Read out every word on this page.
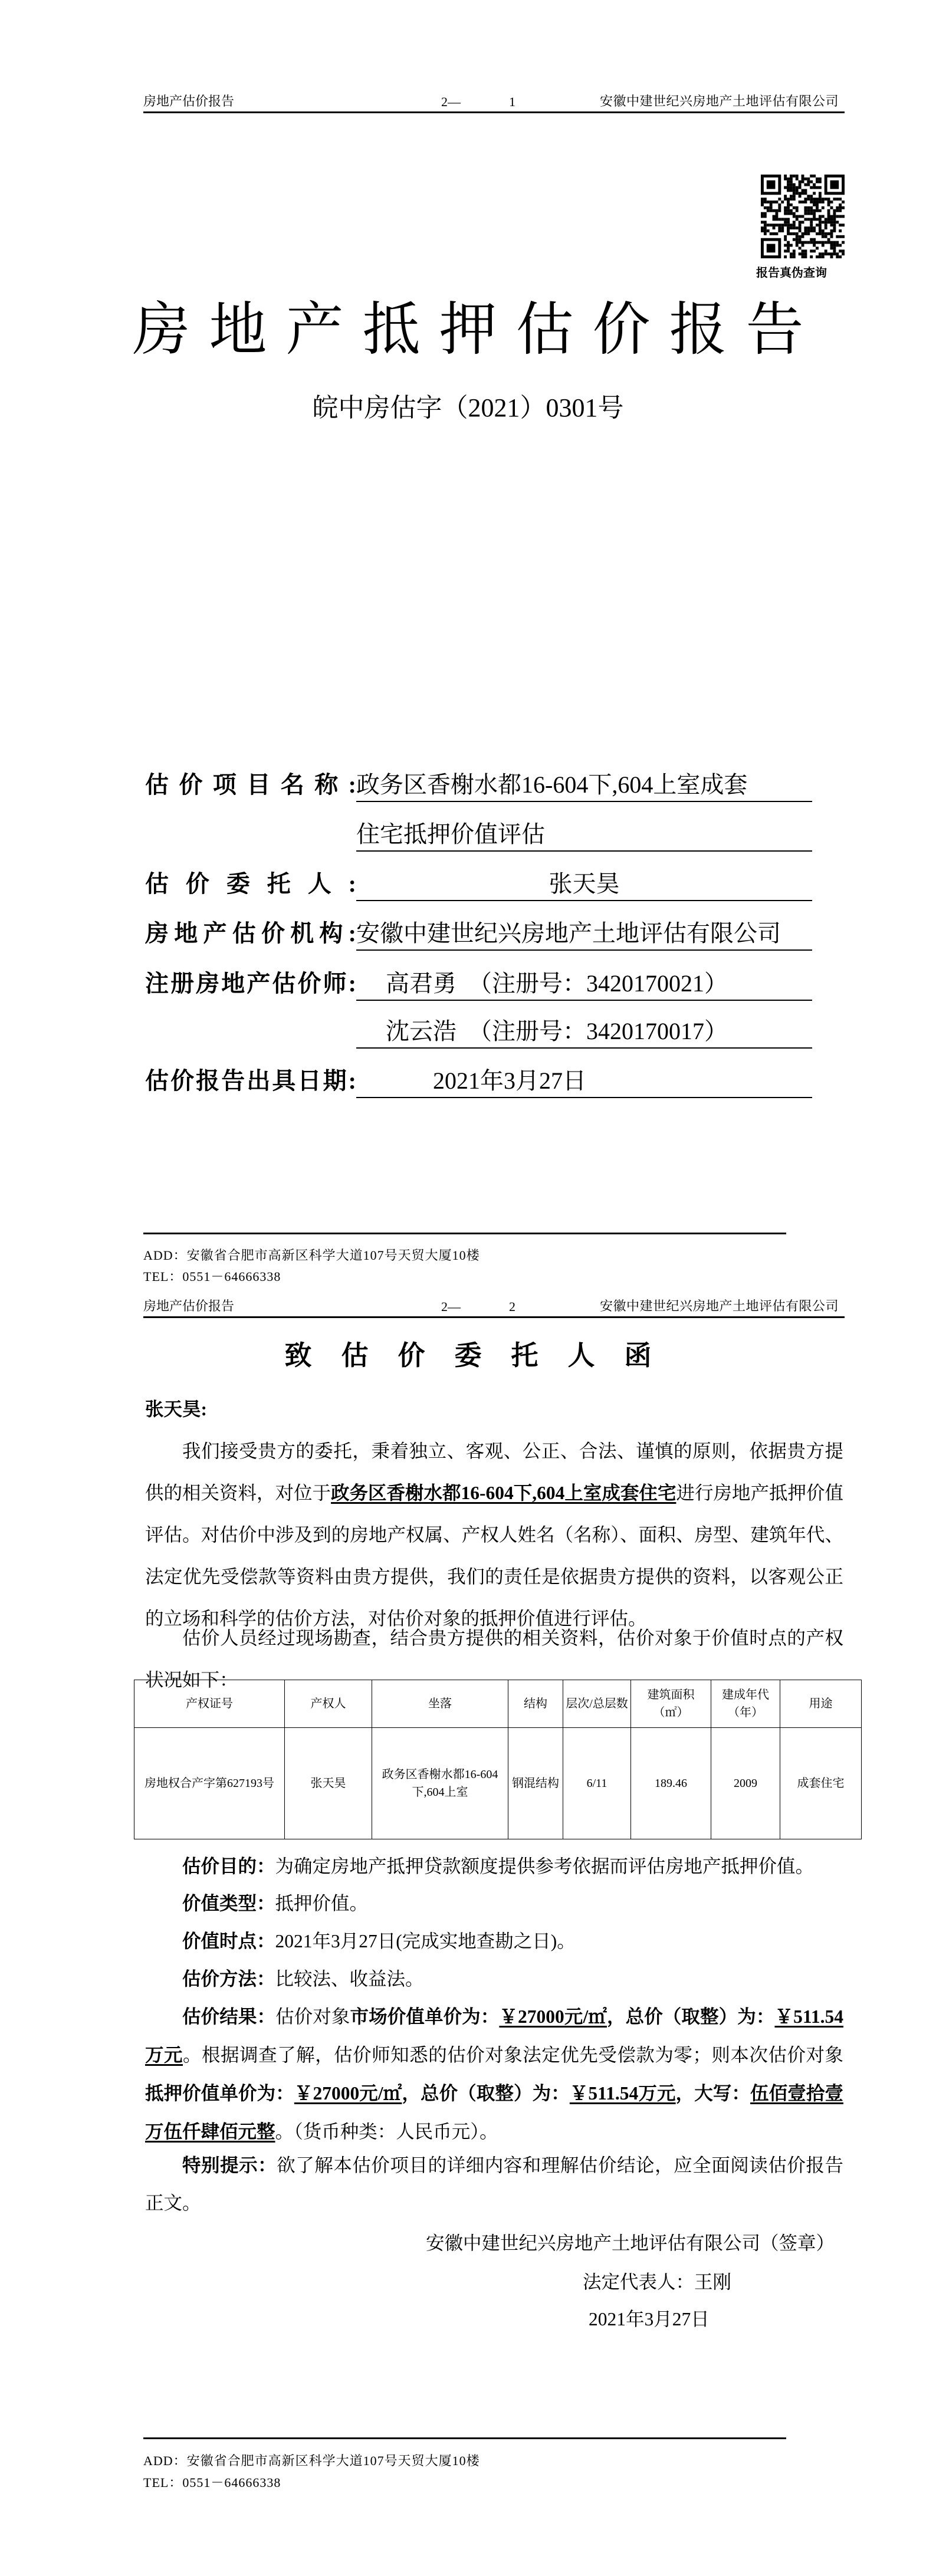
房地产估价报告	2—	1	安徽中建世纪兴房地产土地评估有限公司
报告真伪查询
房地产抵押估价报告
皖中房估字（2021）0301号
估价项目名称: 政务区香榭水都16-604下,604上室成套
住宅抵押价值评估
估价委托人:	张天昊
房地产估价机构: 安徽中建世纪兴房地产土地评估有限公司
注册房地产估价师:	高君勇　（注册号：3420170021）
沈云浩　（注册号：3420170017）
估价报告出具日期:	2021年3月27日
ADD：安徽省合肥市高新区科学大道107号天贸大厦10楼
TEL：0551－64666338
房地产估价报告	2—	2	安徽中建世纪兴房地产土地评估有限公司
致估价委托人函
张天昊:
我们接受贵方的委托，秉着独立、客观、公正、合法、谨慎的原则，依据贵方提供的相关资料，对位于政务区香榭水都16-604下,604上室成套住宅进行房地产抵押价值评估。对估价中涉及到的房地产权属、产权人姓名（名称）、面积、房型、建筑年代、法定优先受偿款等资料由贵方提供，我们的责任是依据贵方提供的资料，以客观公正的立场和科学的估价方法，对估价对象的抵押价值进行评估。
估价人员经过现场勘查，结合贵方提供的相关资料，估价对象于价值时点的产权状况如下：
产权证号	产权人	坐落	结构	层次/总层数	建筑面积（㎡）	建成年代（年）	用途
房地权合产字第627193号	张天昊	政务区香榭水都16-604下,604上室	钢混结构	6/11	189.46	2009	成套住宅
估价目的：为确定房地产抵押贷款额度提供参考依据而评估房地产抵押价值。
价值类型：抵押价值。
价值时点：2021年3月27日(完成实地查勘之日)。
估价方法：比较法、收益法。
估价结果：估价对象市场价值单价为：￥27000元/㎡，总价（取整）为：￥511.54万元。根据调查了解，估价师知悉的估价对象法定优先受偿款为零；则本次估价对象抵押价值单价为：￥27000元/㎡，总价（取整）为：￥511.54万元，大写：伍佰壹拾壹万伍仟肆佰元整。（货币种类：人民币元）。
特别提示：欲了解本估价项目的详细内容和理解估价结论，应全面阅读估价报告正文。
安徽中建世纪兴房地产土地评估有限公司（签章）
法定代表人：王刚
2021年3月27日
ADD：安徽省合肥市高新区科学大道107号天贸大厦10楼
TEL：0551－64666338
